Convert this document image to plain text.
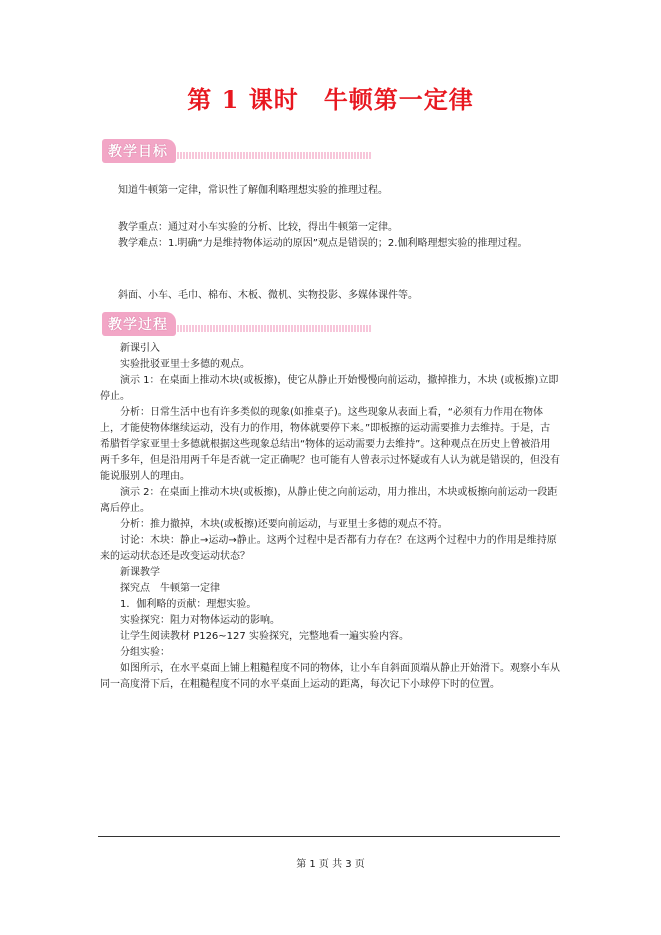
第 1 课时　牛顿第一定律
教学目标

知道牛顿第一定律，常识性了解伽利略理想实验的推理过程。

教学重点：通过对小车实验的分析、比较，得出牛顿第一定律。

教学难点：1.明确“力是维持物体运动的原因”观点是错误的；2.伽利略理想实验的推理过程。

斜面、小车、毛巾、棉布、木板、微机、实物投影、多媒体课件等。

教学过程

新课引入

实验批驳亚里士多德的观点。

演示 1：在桌面上推动木块(或板擦)，使它从静止开始慢慢向前运动，撤掉推力，木块 (或板擦)立即停止。

分析：日常生活中也有许多类似的现象(如推桌子)。这些现象从表面上看，“必须有力作用在物体上，才能使物体继续运动，没有力的作用，物体就要停下来。”即板擦的运动需要推力去维持。于是，古希腊哲学家亚里士多德就根据这些现象总结出“物体的运动需要力去维持”。这种观点在历史上曾被沿用两千多年，但是沿用两千年是否就一定正确呢？也可能有人曾表示过怀疑或有人认为就是错误的，但没有能说服别人的理由。

演示 2：在桌面上推动木块(或板擦)，从静止使之向前运动，用力推出，木块或板擦向前运动一段距离后停止。

分析：推力撤掉，木块(或板擦)还要向前运动，与亚里士多德的观点不符。

讨论：木块：静止→运动→静止。这两个过程中是否都有力存在？在这两个过程中力的作用是维持原来的运动状态还是改变运动状态？

新课教学

探究点　牛顿第一定律

1．伽利略的贡献：理想实验。

实验探究：阻力对物体运动的影响。

让学生阅读教材 P126~127 实验探究，完整地看一遍实验内容。

分组实验：

如图所示，在水平桌面上铺上粗糙程度不同的物体，让小车自斜面顶端从静止开始滑下。观察小车从同一高度滑下后，在粗糙程度不同的水平桌面上运动的距离，每次记下小球停下时的位置。

第 1 页 共 3 页
